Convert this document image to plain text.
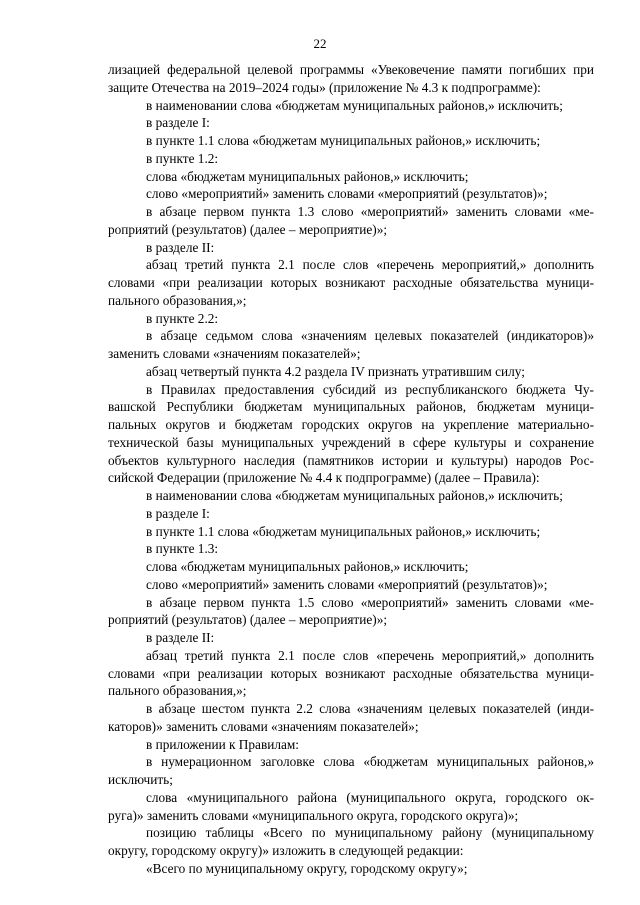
22
лизацией федеральной целевой программы «Увековечение памяти погибших при
защите Отечества на 2019–2024 годы» (приложение № 4.3 к подпрограмме):
в наименовании слова «бюджетам муниципальных районов,» исключить;
в разделе I:
в пункте 1.1 слова «бюджетам муниципальных районов,» исключить;
в пункте 1.2:
слова «бюджетам муниципальных районов,» исключить;
слово «мероприятий» заменить словами «мероприятий (результатов)»;
в абзаце первом пункта 1.3 слово «мероприятий» заменить словами «ме-
роприятий (результатов) (далее – мероприятие)»;
в разделе II:
абзац третий пункта 2.1 после слов «перечень мероприятий,» дополнить
словами «при реализации которых возникают расходные обязательства муници-
пального образования,»;
в пункте 2.2:
в абзаце седьмом слова «значениям целевых показателей (индикаторов)»
заменить словами «значениям показателей»;
абзац четвертый пункта 4.2 раздела IV признать утратившим силу;
в Правилах предоставления субсидий из республиканского бюджета Чу-
вашской Республики бюджетам муниципальных районов, бюджетам муници-
пальных округов и бюджетам городских округов на укрепление материально-
технической базы муниципальных учреждений в сфере культуры и сохранение
объектов культурного наследия (памятников истории и культуры) народов Рос-
сийской Федерации (приложение № 4.4 к подпрограмме) (далее – Правила):
в наименовании слова «бюджетам муниципальных районов,» исключить;
в разделе I:
в пункте 1.1 слова «бюджетам муниципальных районов,» исключить;
в пункте 1.3:
слова «бюджетам муниципальных районов,» исключить;
слово «мероприятий» заменить словами «мероприятий (результатов)»;
в абзаце первом пункта 1.5 слово «мероприятий» заменить словами «ме-
роприятий (результатов) (далее – мероприятие)»;
в разделе II:
абзац третий пункта 2.1 после слов «перечень мероприятий,» дополнить
словами «при реализации которых возникают расходные обязательства муници-
пального образования,»;
в абзаце шестом пункта 2.2 слова «значениям целевых показателей (инди-
каторов)» заменить словами «значениям показателей»;
в приложении к Правилам:
в нумерационном заголовке слова «бюджетам муниципальных районов,»
исключить;
слова «муниципального района (муниципального округа, городского ок-
руга)» заменить словами «муниципального округа, городского округа)»;
позицию таблицы «Всего по муниципальному району (муниципальному
округу, городскому округу)» изложить в следующей редакции:
«Всего по муниципальному округу, городскому округу»;
